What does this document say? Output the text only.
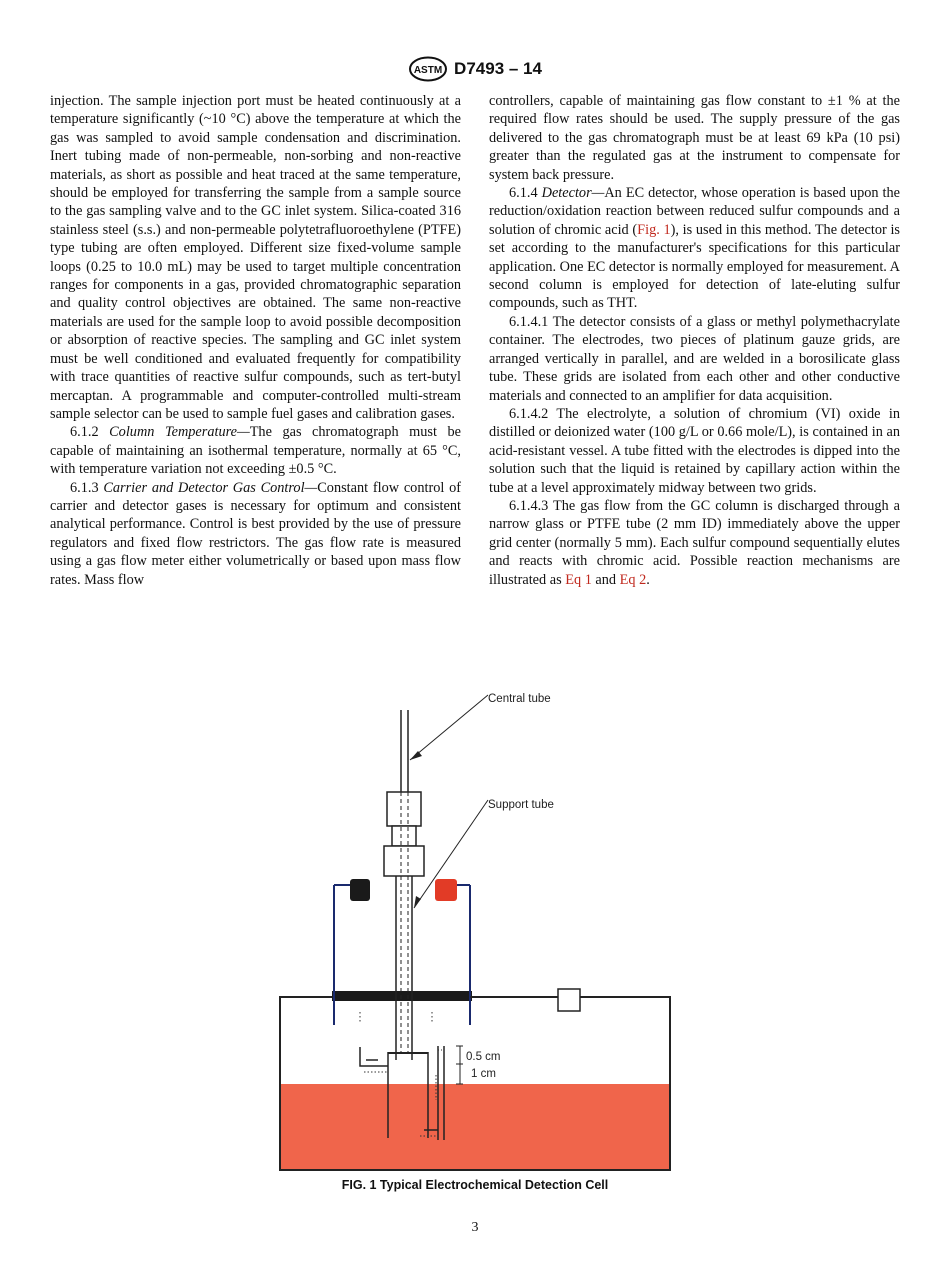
ASTM D7493 – 14

injection. The sample injection port must be heated continuously at a temperature significantly (~10 °C) above the temperature at which the gas was sampled to avoid sample condensation and discrimination. Inert tubing made of non-permeable, non-sorbing and non-reactive materials, as short as possible and heat traced at the same temperature, should be employed for transferring the sample from a sample source to the gas sampling valve and to the GC inlet system. Silica-coated 316 stainless steel (s.s.) and non-permeable polytetrafluoroethylene (PTFE) type tubing are often employed. Different size fixed-volume sample loops (0.25 to 10.0 mL) may be used to target multiple concentration ranges for components in a gas, provided chromatographic separation and quality control objectives are obtained. The same non-reactive materials are used for the sample loop to avoid possible decomposition or absorption of reactive species. The sampling and GC inlet system must be well conditioned and evaluated frequently for compatibility with trace quantities of reactive sulfur compounds, such as tert-butyl mercaptan. A programmable and computer-controlled multi-stream sample selector can be used to sample fuel gases and calibration gases.

6.1.2 Column Temperature—The gas chromatograph must be capable of maintaining an isothermal temperature, normally at 65 °C, with temperature variation not exceeding ±0.5 °C.

6.1.3 Carrier and Detector Gas Control—Constant flow control of carrier and detector gases is necessary for optimum and consistent analytical performance. Control is best provided by the use of pressure regulators and fixed flow restrictors. The gas flow rate is measured using a gas flow meter either volumetrically or based upon mass flow rates. Mass flow

controllers, capable of maintaining gas flow constant to ±1 % at the required flow rates should be used. The supply pressure of the gas delivered to the gas chromatograph must be at least 69 kPa (10 psi) greater than the regulated gas at the instrument to compensate for system back pressure.

6.1.4 Detector—An EC detector, whose operation is based upon the reduction/oxidation reaction between reduced sulfur compounds and a solution of chromic acid (Fig. 1), is used in this method. The detector is set according to the manufacturer's specifications for this particular application. One EC detector is normally employed for measurement. A second column is employed for detection of late-eluting sulfur compounds, such as THT.

6.1.4.1 The detector consists of a glass or methyl polymethacrylate container. The electrodes, two pieces of platinum gauze grids, are arranged vertically in parallel, and are welded in a borosilicate glass tube. These grids are isolated from each other and other conductive materials and connected to an amplifier for data acquisition.

6.1.4.2 The electrolyte, a solution of chromium (VI) oxide in distilled or deionized water (100 g/L or 0.66 mole/L), is contained in an acid-resistant vessel. A tube fitted with the electrodes is dipped into the solution such that the liquid is retained by capillary action within the tube at a level approximately midway between two grids.

6.1.4.3 The gas flow from the GC column is discharged through a narrow glass or PTFE tube (2 mm ID) immediately above the upper grid center (normally 5 mm). Each sulfur compound sequentially elutes and reacts with chromic acid. Possible reaction mechanisms are illustrated as Eq 1 and Eq 2.

0.5 cm
1 cm
Central tube
Support tube
FIG. 1 Typical Electrochemical Detection Cell
3
